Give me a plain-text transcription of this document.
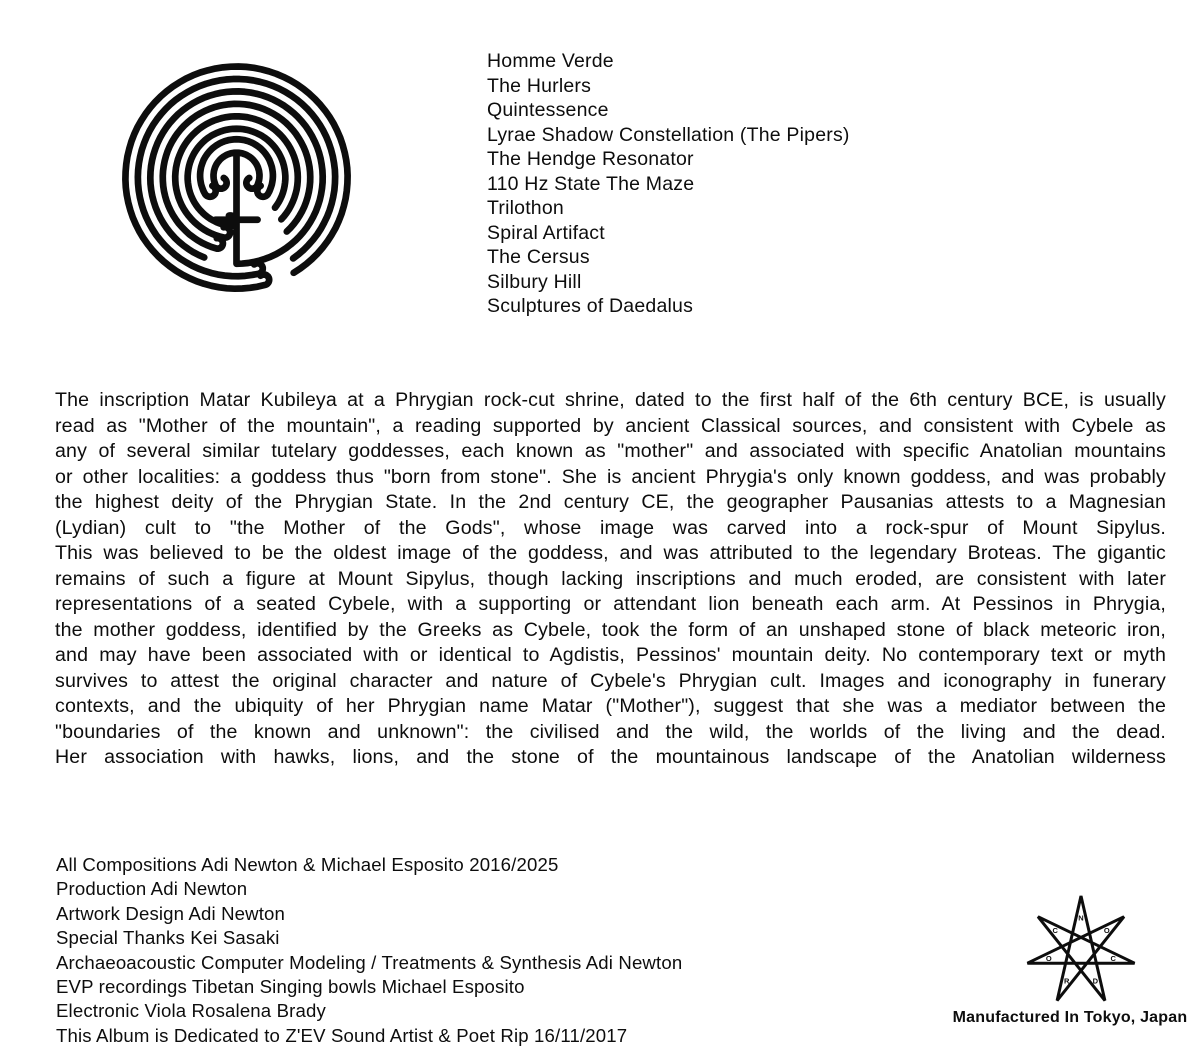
Homme Verde
The Hurlers
Quintessence
Lyrae Shadow Constellation (The Pipers)
The Hendge Resonator
110 Hz State The Maze
Trilothon
Spiral Artifact
The Cersus
Silbury Hill
Sculptures of Daedalus
The inscription Matar Kubileya at a Phrygian rock-cut shrine, dated to the first half of the 6th century BCE, is usually
read as "Mother of the mountain", a reading supported by ancient Classical sources, and consistent with Cybele as
any of several similar tutelary goddesses, each known as "mother" and associated with specific Anatolian mountains
or other localities: a goddess thus "born from stone". She is ancient Phrygia's only known goddess, and was probably
the highest deity of the Phrygian State. In the 2nd century CE, the geographer Pausanias attests to a Magnesian
(Lydian) cult to "the Mother of the Gods", whose image was carved into a rock-spur of Mount Sipylus.
This was believed to be the oldest image of the goddess, and was attributed to the legendary Broteas. The gigantic
remains of such a figure at Mount Sipylus, though lacking inscriptions and much eroded, are consistent with later
representations of a seated Cybele, with a supporting or attendant lion beneath each arm. At Pessinos in Phrygia,
the mother goddess, identified by the Greeks as Cybele, took the form of an unshaped stone of black meteoric iron,
and may have been associated with or identical to Agdistis, Pessinos' mountain deity. No contemporary text or myth
survives to attest the original character and nature of Cybele's Phrygian cult. Images and iconography in funerary
contexts, and the ubiquity of her Phrygian name Matar ("Mother"), suggest that she was a mediator between the
"boundaries of the known and unknown": the civilised and the wild, the worlds of the living and the dead.
Her association with hawks, lions, and the stone of the mountainous landscape of the Anatolian wilderness
All Compositions Adi Newton & Michael Esposito 2016/2025
Production Adi Newton
Artwork Design Adi Newton
Special Thanks Kei Sasaki
Archaeoacoustic Computer Modeling / Treatments & Synthesis Adi Newton
EVP recordings Tibetan Singing bowls Michael Esposito
Electronic Viola Rosalena Brady
This Album is Dedicated to Z'EV Sound Artist & Poet Rip 16/11/2017
N
C
O
R	D
C
O
Manufactured In Tokyo, Japan
